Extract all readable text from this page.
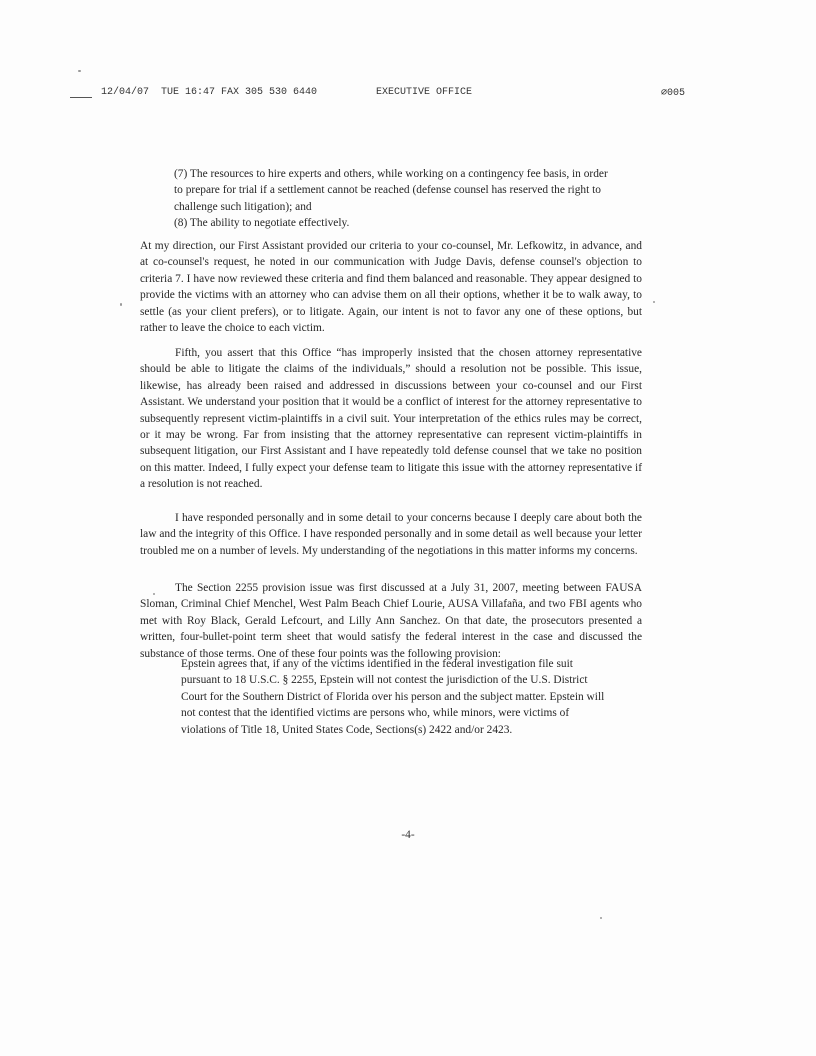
12/04/07  TUE 16:47 FAX 305 530 6440	EXECUTIVE OFFICE	∅005

(7) The resources to hire experts and others, while working on a contingency fee basis, in order to prepare for trial if a settlement cannot be reached (defense counsel has reserved the right to challenge such litigation); and

(8) The ability to negotiate effectively.

At my direction, our First Assistant provided our criteria to your co-counsel, Mr. Lefkowitz, in advance, and at co-counsel's request, he noted in our communication with Judge Davis, defense counsel's objection to criteria 7. I have now reviewed these criteria and find them balanced and reasonable. They appear designed to provide the victims with an attorney who can advise them on all their options, whether it be to walk away, to settle (as your client prefers), or to litigate. Again, our intent is not to favor any one of these options, but rather to leave the choice to each victim.

Fifth, you assert that this Office “has improperly insisted that the chosen attorney representative should be able to litigate the claims of the individuals,” should a resolution not be possible. This issue, likewise, has already been raised and addressed in discussions between your co-counsel and our First Assistant. We understand your position that it would be a conflict of interest for the attorney representative to subsequently represent victim-plaintiffs in a civil suit. Your interpretation of the ethics rules may be correct, or it may be wrong. Far from insisting that the attorney representative can represent victim-plaintiffs in subsequent litigation, our First Assistant and I have repeatedly told defense counsel that we take no position on this matter. Indeed, I fully expect your defense team to litigate this issue with the attorney representative if a resolution is not reached.

I have responded personally and in some detail to your concerns because I deeply care about both the law and the integrity of this Office. I have responded personally and in some detail as well because your letter troubled me on a number of levels. My understanding of the negotiations in this matter informs my concerns.

The Section 2255 provision issue was first discussed at a July 31, 2007, meeting between FAUSA Sloman, Criminal Chief Menchel, West Palm Beach Chief Lourie, AUSA Villafaña, and two FBI agents who met with Roy Black, Gerald Lefcourt, and Lilly Ann Sanchez. On that date, the prosecutors presented a written, four-bullet-point term sheet that would satisfy the federal interest in the case and discussed the substance of those terms. One of these four points was the following provision:

Epstein agrees that, if any of the victims identified in the federal investigation file suit pursuant to 18 U.S.C. § 2255, Epstein will not contest the jurisdiction of the U.S. District Court for the Southern District of Florida over his person and the subject matter. Epstein will not contest that the identified victims are persons who, while minors, were victims of violations of Title 18, United States Code, Sections(s) 2422 and/or 2423.

-4-
